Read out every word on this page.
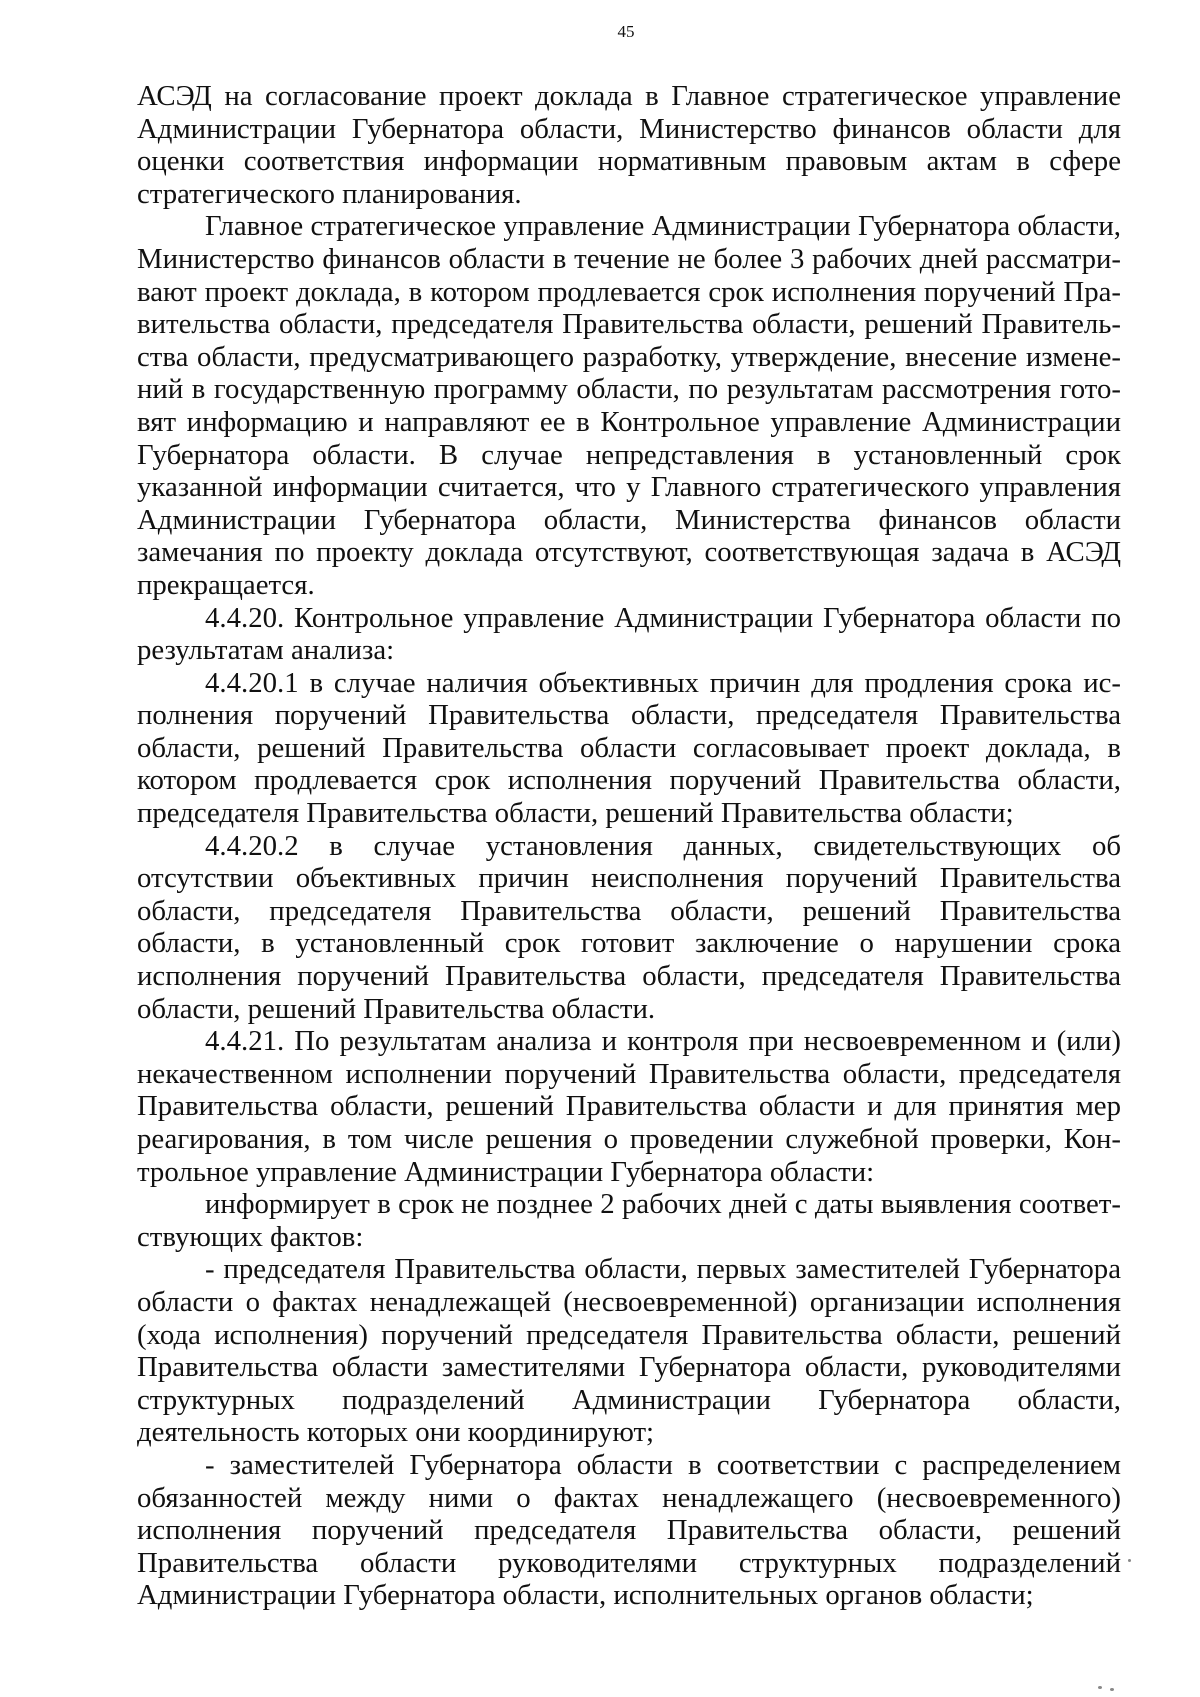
45

АСЭД на согласование проект доклада в Главное стратегическое управление Администрации Губернатора области, Министерство финансов области для оценки соответствия информации нормативным правовым актам в сфере стратегического планирования.

Главное стратегическое управление Администрации Губернатора области, Министерство финансов области в течение не более 3 рабочих дней рассматривают проект доклада, в котором продлевается срок исполнения поручений Правительства области, председателя Правительства области, решений Правительства области, предусматривающего разработку, утверждение, внесение изменений в государственную программу области, по результатам рассмотрения готовят информацию и направляют ее в Контрольное управление Администрации Губернатора области. В случае непредставления в установленный срок указанной информации считается, что у Главного стратегического управления Администрации Губернатора области, Министерства финансов области замечания по проекту доклада отсутствуют, соответствующая задача в АСЭД прекращается.

4.4.20. Контрольное управление Администрации Губернатора области по результатам анализа:

4.4.20.1 в случае наличия объективных причин для продления срока исполнения поручений Правительства области, председателя Правительства области, решений Правительства области согласовывает проект доклада, в котором продлевается срок исполнения поручений Правительства области, председателя Правительства области, решений Правительства области;

4.4.20.2 в случае установления данных, свидетельствующих об отсутствии объективных причин неисполнения поручений Правительства области, председателя Правительства области, решений Правительства области, в установленный срок готовит заключение о нарушении срока исполнения поручений Правительства области, председателя Правительства области, решений Правительства области.

4.4.21. По результатам анализа и контроля при несвоевременном и (или) некачественном исполнении поручений Правительства области, председателя Правительства области, решений Правительства области и для принятия мер реагирования, в том числе решения о проведении служебной проверки, Контрольное управление Администрации Губернатора области:

информирует в срок не позднее 2 рабочих дней с даты выявления соответствующих фактов:

- председателя Правительства области, первых заместителей Губернатора области о фактах ненадлежащей (несвоевременной) организации исполнения (хода исполнения) поручений председателя Правительства области, решений Правительства области заместителями Губернатора области, руководителями структурных подразделений Администрации Губернатора области, деятельность которых они координируют;

- заместителей Губернатора области в соответствии с распределением обязанностей между ними о фактах ненадлежащего (несвоевременного) исполнения поручений председателя Правительства области, решений Правительства области руководителями структурных подразделений Администрации Губернатора области, исполнительных органов области;
